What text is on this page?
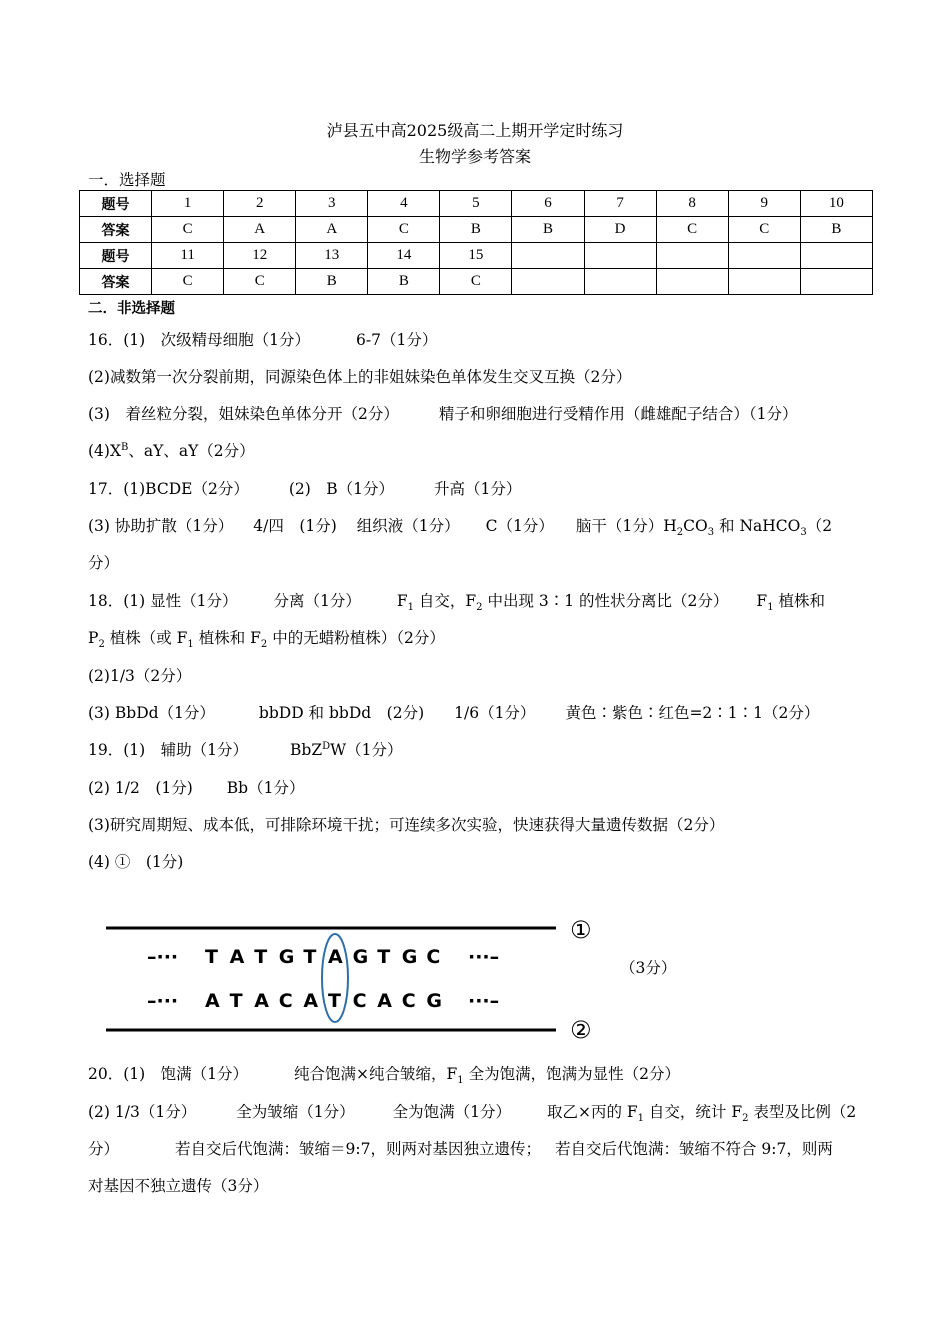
泸县五中高2025级高二上期开学定时练习
生物学参考答案
一．选择题
题号	1	2	3	4	5	6	7	8	9	10
答案	C	A	A	C	B	B	D	C	C	B
题号	11	12	13	14	15					
答案	C	C	B	B	C					
二．非选择题
16．(1)　次级精母细胞（1分）	6-7（1分）
(2)减数第一次分裂前期，同源染色体上的非姐妹染色单体发生交叉互换（2分）
(3)　着丝粒分裂，姐妹染色单体分开（2分）	精子和卵细胞进行受精作用（雌雄配子结合）（1分）
$(4)X^B$、aY、aY（2分）
17．(1)BCDE（2分）	(2)　B（1分）	升高（1分）
(3) 协助扩散（1分） 4/四　(1分) 组织液（1分） C（1分） 脑干（1分）$H_2CO_3$ 和 NaHCO$_3$（2
分）
18．(1) 显性（1分） 分离（1分） $F_1$ 自交，$F_2$ 中出现 3∶1 的性状分离比（2分） $F_1$ 植株和
$P_2$ 植株（或 $F_1$ 植株和 $F_2$ 中的无蜡粉植株）（2分）
(2)1/3（2分）
(3) BbDd（1分）	bbDD 和 bbDd　(2分) 1/6（1分） 黄色∶紫色∶红色=2∶1∶1（2分）
19．(1)　辅助（1分）	BbZ$^D$W（1分）
(2) 1/2　(1分) Bb（1分）
(3)研究周期短、成本低，可排除环境干扰；可连续多次实验，快速获得大量遗传数据（2分）
(4) ①　(1分)
–··· T A T G T A G T G C ···–
–··· A T A C A T C A C G ···–
①
②
（3分）
20．(1)　饱满（1分）	纯合饱满×纯合皱缩，$F_1$ 全为饱满，饱满为显性（2分）
(2) 1/3（1分）	全为皱缩（1分） 全为饱满（1分） 取乙×丙的 $F_1$ 自交，统计 $F_2$ 表型及比例（2
分）	若自交后代饱满：皱缩＝9:7，则两对基因独立遗传； 若自交后代饱满：皱缩不符合 9:7，则两
对基因不独立遗传（3分）
